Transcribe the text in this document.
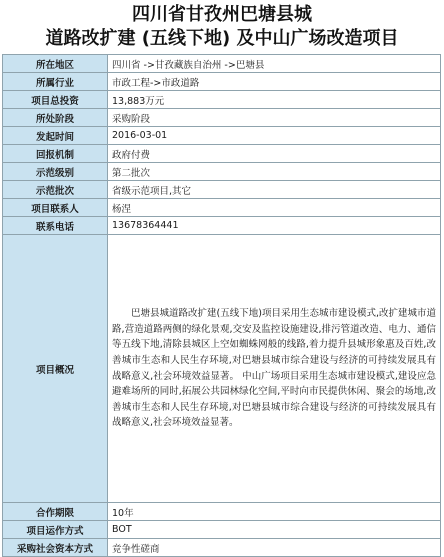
四川省甘孜州巴塘县城
道路改扩建 (五线下地) 及中山广场改造项目
所在地区	四川省 ->甘孜藏族自治州 ->巴塘县
所属行业	市政工程->市政道路
项目总投资	13,883万元
所处阶段	采购阶段
发起时间	2016-03-01
回报机制	政府付费
示范级别	第二批次
示范批次	省级示范项目,其它
项目联系人	杨涅
联系电话	13678364441
项目概况	巴塘县城道路改扩建(五线下地)项目采用生态城市建设模式,改扩建城市道路,营造道路两侧的绿化景观,交安及监控设施建设,排污管道改造、电力、通信等五线下地,清除县城区上空如蜘蛛网般的线路,着力提升县城形象惠及百姓,改善城市生态和人民生存环境,对巴塘县城市综合建设与经济的可持续发展具有战略意义,社会环境效益显著。 中山广场项目采用生态城市建设模式,建设应急避难场所的同时,拓展公共园林绿化空间,平时向市民提供休闲、聚会的场地,改善城市生态和人民生存环境,对巴塘县城市综合建设与经济的可持续发展具有战略意义,社会环境效益显著。
合作期限	10年
项目运作方式	BOT
采购社会资本方式	竞争性磋商
